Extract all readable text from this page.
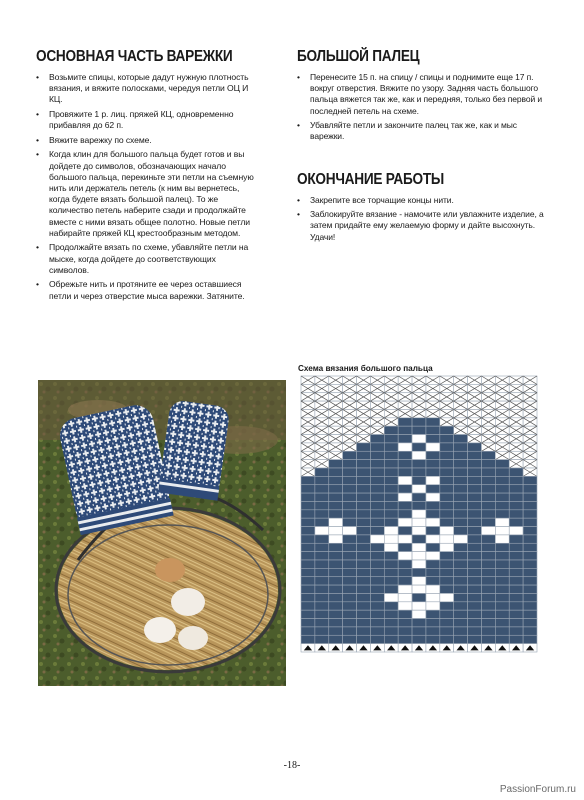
ОСНОВНАЯ ЧАСТЬ ВАРЕЖКИ
• Возьмите спицы, которые дадут нужную плотность вязания, и вяжите полосками, чередуя петли ОЦ И КЦ.
• Провяжите 1 р. лиц. пряжей КЦ, одновременно прибавляя до 62 п.
• Вяжите варежку по схеме.
• Когда клин для большого пальца будет готов и вы дойдете до символов, обозначающих начало большого пальца, перекиньте эти петли на съемную нить или держатель петель (к ним вы вернетесь, когда будете вязать большой палец). То же количество петель наберите сзади и продолжайте вместе с ними вязать общее полотно. Новые петли набирайте пряжей КЦ крестообразным методом.
• Продолжайте вязать по схеме, убавляйте петли на мыске, когда дойдете до соответствующих символов.
• Обрежьте нить и протяните ее через оставшиеся петли и через отверстие мыса варежки. Затяните.
БОЛЬШОЙ ПАЛЕЦ
• Перенесите 15 п. на спицу / спицы и поднимите еще 17 п. вокруг отверстия. Вяжите по узору. Задняя часть большого пальца вяжется так же, как и передняя, только без первой и последней петель на схеме.
• Убавляйте петли и закончите палец так же, как и мыс варежки.
ОКОНЧАНИЕ РАБОТЫ
• Закрепите все торчащие концы нити.
• Заблокируйте вязание - намочите или увлажните изделие, а затем придайте ему желаемую форму и дайте высохнуть. Удачи!
Схема вязания большого пальца
-18-
PassionForum.ru
